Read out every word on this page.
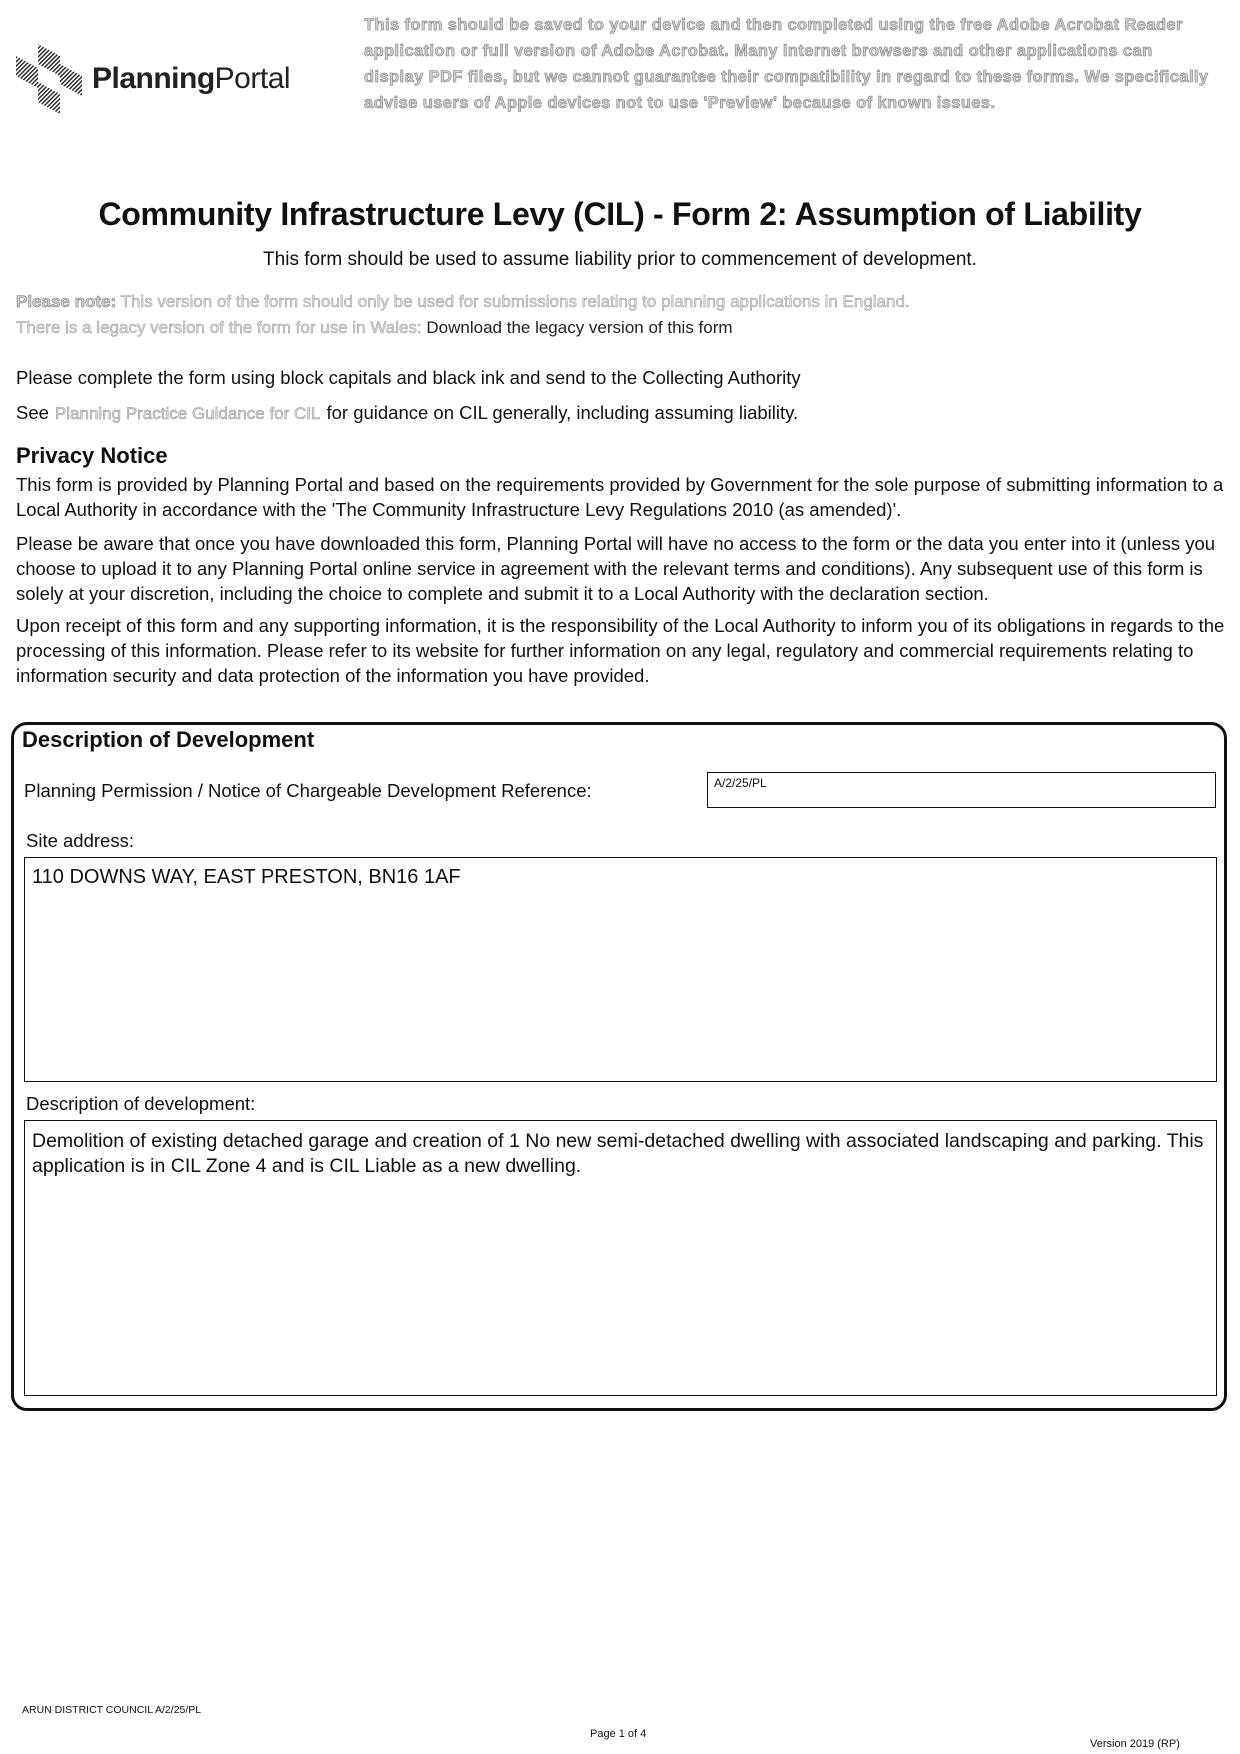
PlanningPortal
This form should be saved to your device and then completed using the free Adobe Acrobat Reader application or full version of Adobe Acrobat. Many internet browsers and other applications can display PDF files, but we cannot guarantee their compatibility in regard to these forms. We specifically advise users of Apple devices not to use 'Preview' because of known issues.
Community Infrastructure Levy (CIL) - Form 2: Assumption of Liability
This form should be used to assume liability prior to commencement of development.
Please note: This version of the form should only be used for submissions relating to planning applications in England.
There is a legacy version of the form for use in Wales: Download the legacy version of this form
Please complete the form using block capitals and black ink and send to the Collecting Authority
See Planning Practice Guidance for CIL for guidance on CIL generally, including assuming liability.
Privacy Notice
This form is provided by Planning Portal and based on the requirements provided by Government for the sole purpose of submitting information to a Local Authority in accordance with the 'The Community Infrastructure Levy Regulations 2010 (as amended)'.
Please be aware that once you have downloaded this form, Planning Portal will have no access to the form or the data you enter into it (unless you choose to upload it to any Planning Portal online service in agreement with the relevant terms and conditions). Any subsequent use of this form is solely at your discretion, including the choice to complete and submit it to a Local Authority with the declaration section.
Upon receipt of this form and any supporting information, it is the responsibility of the Local Authority to inform you of its obligations in regards to the processing of this information. Please refer to its website for further information on any legal, regulatory and commercial requirements relating to information security and data protection of the information you have provided.
Description of Development
Planning Permission / Notice of Chargeable Development Reference:	A/2/25/PL
Site address:
110 DOWNS WAY, EAST PRESTON, BN16 1AF
Description of development:
Demolition of existing detached garage and creation of 1 No new semi-detached dwelling with associated landscaping and parking. This application is in CIL Zone 4 and is CIL Liable as a new dwelling.
ARUN DISTRICT COUNCIL A/2/25/PL
Page 1 of 4
Version 2019 (RP)
